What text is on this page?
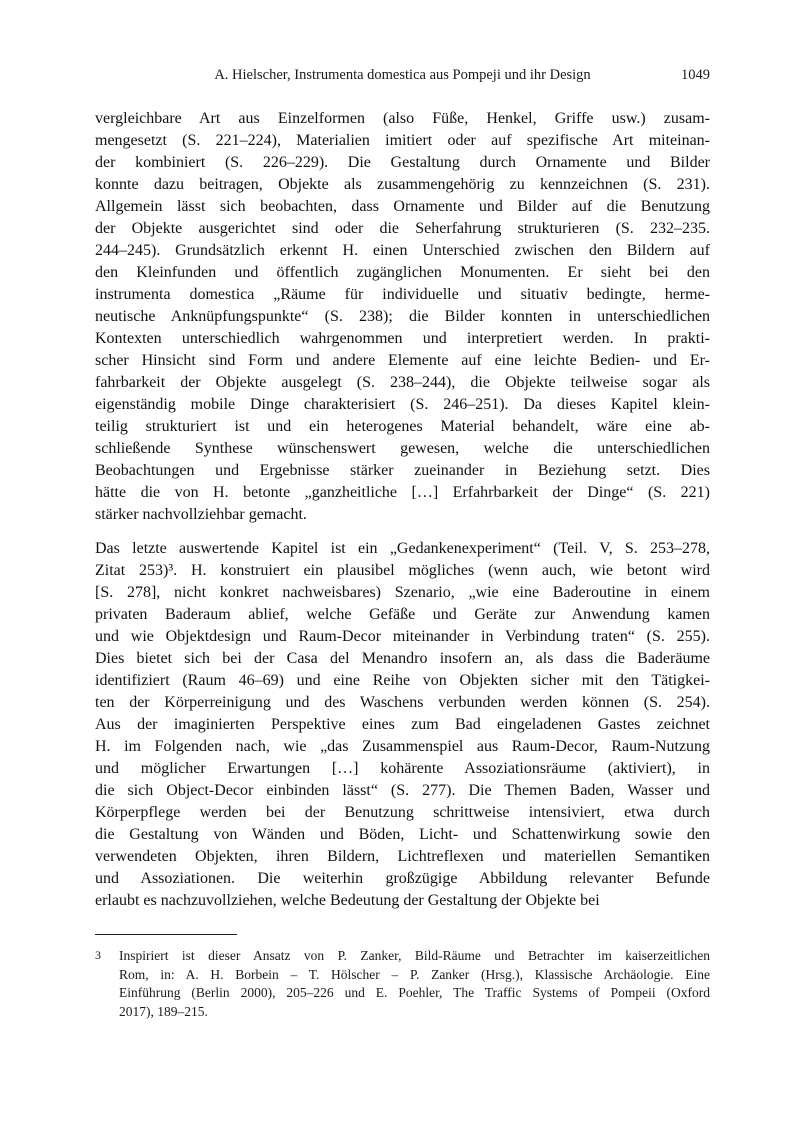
A. Hielscher, Instrumenta domestica aus Pompeji und ihr Design	1049
vergleichbare Art aus Einzelformen (also Füße, Henkel, Griffe usw.) zusam-
mengesetzt (S. 221–224), Materialien imitiert oder auf spezifische Art miteinan-
der kombiniert (S. 226–229). Die Gestaltung durch Ornamente und Bilder
konnte dazu beitragen, Objekte als zusammengehörig zu kennzeichnen (S. 231).
Allgemein lässt sich beobachten, dass Ornamente und Bilder auf die Benutzung
der Objekte ausgerichtet sind oder die Seherfahrung strukturieren (S. 232–235.
244–245). Grundsätzlich erkennt H. einen Unterschied zwischen den Bildern auf
den Kleinfunden und öffentlich zugänglichen Monumenten. Er sieht bei den
instrumenta domestica „Räume für individuelle und situativ bedingte, herme-
neutische Anknüpfungspunkte“ (S. 238); die Bilder konnten in unterschiedlichen
Kontexten unterschiedlich wahrgenommen und interpretiert werden. In prakti-
scher Hinsicht sind Form und andere Elemente auf eine leichte Bedien- und Er-
fahrbarkeit der Objekte ausgelegt (S. 238–244), die Objekte teilweise sogar als
eigenständig mobile Dinge charakterisiert (S. 246–251). Da dieses Kapitel klein-
teilig strukturiert ist und ein heterogenes Material behandelt, wäre eine ab-
schließende Synthese wünschenswert gewesen, welche die unterschiedlichen
Beobachtungen und Ergebnisse stärker zueinander in Beziehung setzt. Dies
hätte die von H. betonte „ganzheitliche […] Erfahrbarkeit der Dinge“ (S. 221)
stärker nachvollziehbar gemacht.
Das letzte auswertende Kapitel ist ein „Gedankenexperiment“ (Teil. V, S. 253–278,
Zitat 253)³. H. konstruiert ein plausibel mögliches (wenn auch, wie betont wird
[S. 278], nicht konkret nachweisbares) Szenario, „wie eine Baderoutine in einem
privaten Baderaum ablief, welche Gefäße und Geräte zur Anwendung kamen
und wie Objektdesign und Raum-Decor miteinander in Verbindung traten“ (S. 255).
Dies bietet sich bei der Casa del Menandro insofern an, als dass die Baderäume
identifiziert (Raum 46–69) und eine Reihe von Objekten sicher mit den Tätigkei-
ten der Körperreinigung und des Waschens verbunden werden können (S. 254).
Aus der imaginierten Perspektive eines zum Bad eingeladenen Gastes zeichnet
H. im Folgenden nach, wie „das Zusammenspiel aus Raum-Decor, Raum-Nutzung
und möglicher Erwartungen […] kohärente Assoziationsräume (aktiviert), in
die sich Object-Decor einbinden lässt“ (S. 277). Die Themen Baden, Wasser und
Körperpflege werden bei der Benutzung schrittweise intensiviert, etwa durch
die Gestaltung von Wänden und Böden, Licht- und Schattenwirkung sowie den
verwendeten Objekten, ihren Bildern, Lichtreflexen und materiellen Semantiken
und Assoziationen. Die weiterhin großzügige Abbildung relevanter Befunde
erlaubt es nachzuvollziehen, welche Bedeutung der Gestaltung der Objekte bei
3	Inspiriert ist dieser Ansatz von P. Zanker, Bild-Räume und Betrachter im kaiserzeitlichen
Rom, in: A. H. Borbein – T. Hölscher – P. Zanker (Hrsg.), Klassische Archäologie. Eine
Einführung (Berlin 2000), 205–226 und E. Poehler, The Traffic Systems of Pompeii (Oxford
2017), 189–215.
